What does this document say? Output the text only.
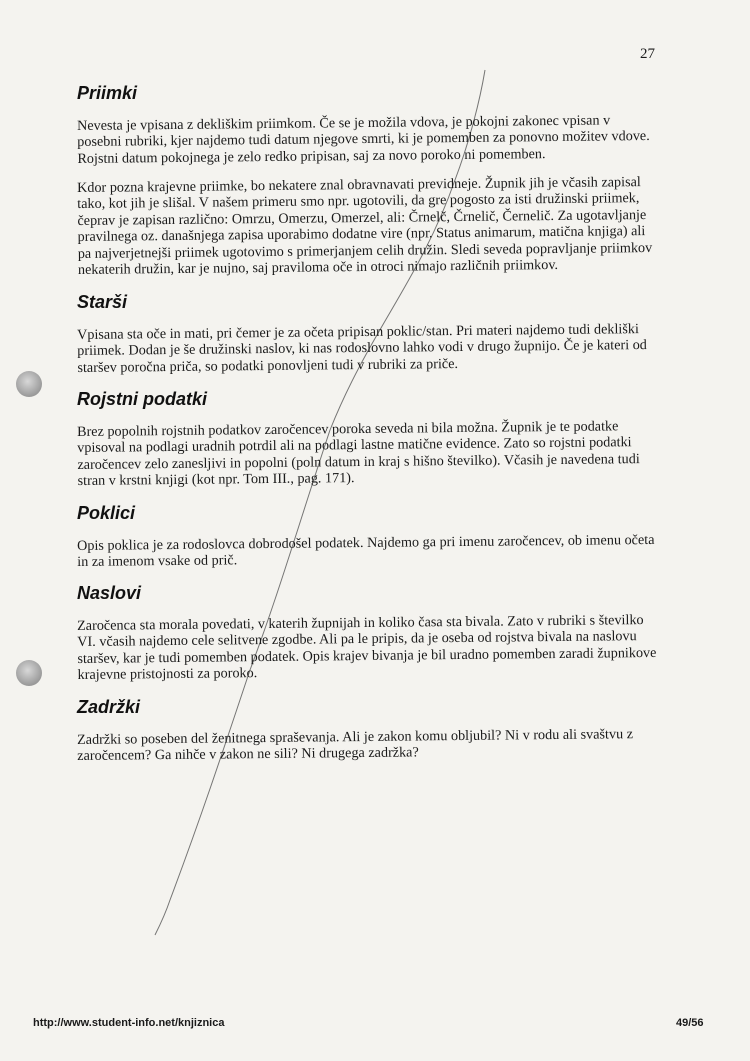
27
Priimki

Nevesta je vpisana z dekliškim priimkom. Če se je možila vdova, je pokojni zakonec vpisan v posebni rubriki, kjer najdemo tudi datum njegove smrti, ki je pomemben za ponovno možitev vdove. Rojstni datum pokojnega je zelo redko pripisan, saj za novo poroko ni pomemben.

Kdor pozna krajevne priimke, bo nekatere znal obravnavati previdneje. Župnik jih je včasih zapisal tako, kot jih je slišal. V našem primeru smo npr. ugotovili, da gre pogosto za isti družinski priimek, čeprav je zapisan različno: Omrzu, Omerzu, Omerzel, ali: Črnelč, Črnelič, Černelič. Za ugotavljanje pravilnega oz. današnjega zapisa uporabimo dodatne vire (npr. Status animarum, matična knjiga) ali pa najverjetnejši priimek ugotovimo s primerjanjem celih družin. Sledi seveda popravljanje priimkov nekaterih družin, kar je nujno, saj praviloma oče in otroci nimajo različnih priimkov.

Starši

Vpisana sta oče in mati, pri čemer je za očeta pripisan poklic/stan. Pri materi najdemo tudi dekliški priimek. Dodan je še družinski naslov, ki nas rodoslovno lahko vodi v drugo župnijo. Če je kateri od staršev poročna priča, so podatki ponovljeni tudi v rubriki za priče.

Rojstni podatki

Brez popolnih rojstnih podatkov zaročencev poroka seveda ni bila možna. Župnik je te podatke vpisoval na podlagi uradnih potrdil ali na podlagi lastne matične evidence. Zato so rojstni podatki zaročencev zelo zanesljivi in popolni (poln datum in kraj s hišno številko). Včasih je navedena tudi stran v krstni knjigi (kot npr. Tom III., pag. 171).

Poklici

Opis poklica je za rodoslovca dobrodošel podatek. Najdemo ga pri imenu zaročencev, ob imenu očeta in za imenom vsake od prič.

Naslovi

Zaročenca sta morala povedati, v katerih župnijah in koliko časa sta bivala. Zato v rubriki s številko VI. včasih najdemo cele selitvene zgodbe. Ali pa le pripis, da je oseba od rojstva bivala na naslovu staršev, kar je tudi pomemben podatek. Opis krajev bivanja je bil uradno pomemben zaradi župnikove krajevne pristojnosti za poroko.

Zadržki

Zadržki so poseben del ženitnega spraševanja. Ali je zakon komu obljubil? Ni v rodu ali svaštvu z zaročencem? Ga nihče v zakon ne sili? Ni drugega zadržka?

http://www.student-info.net/knjiznica	49/56
